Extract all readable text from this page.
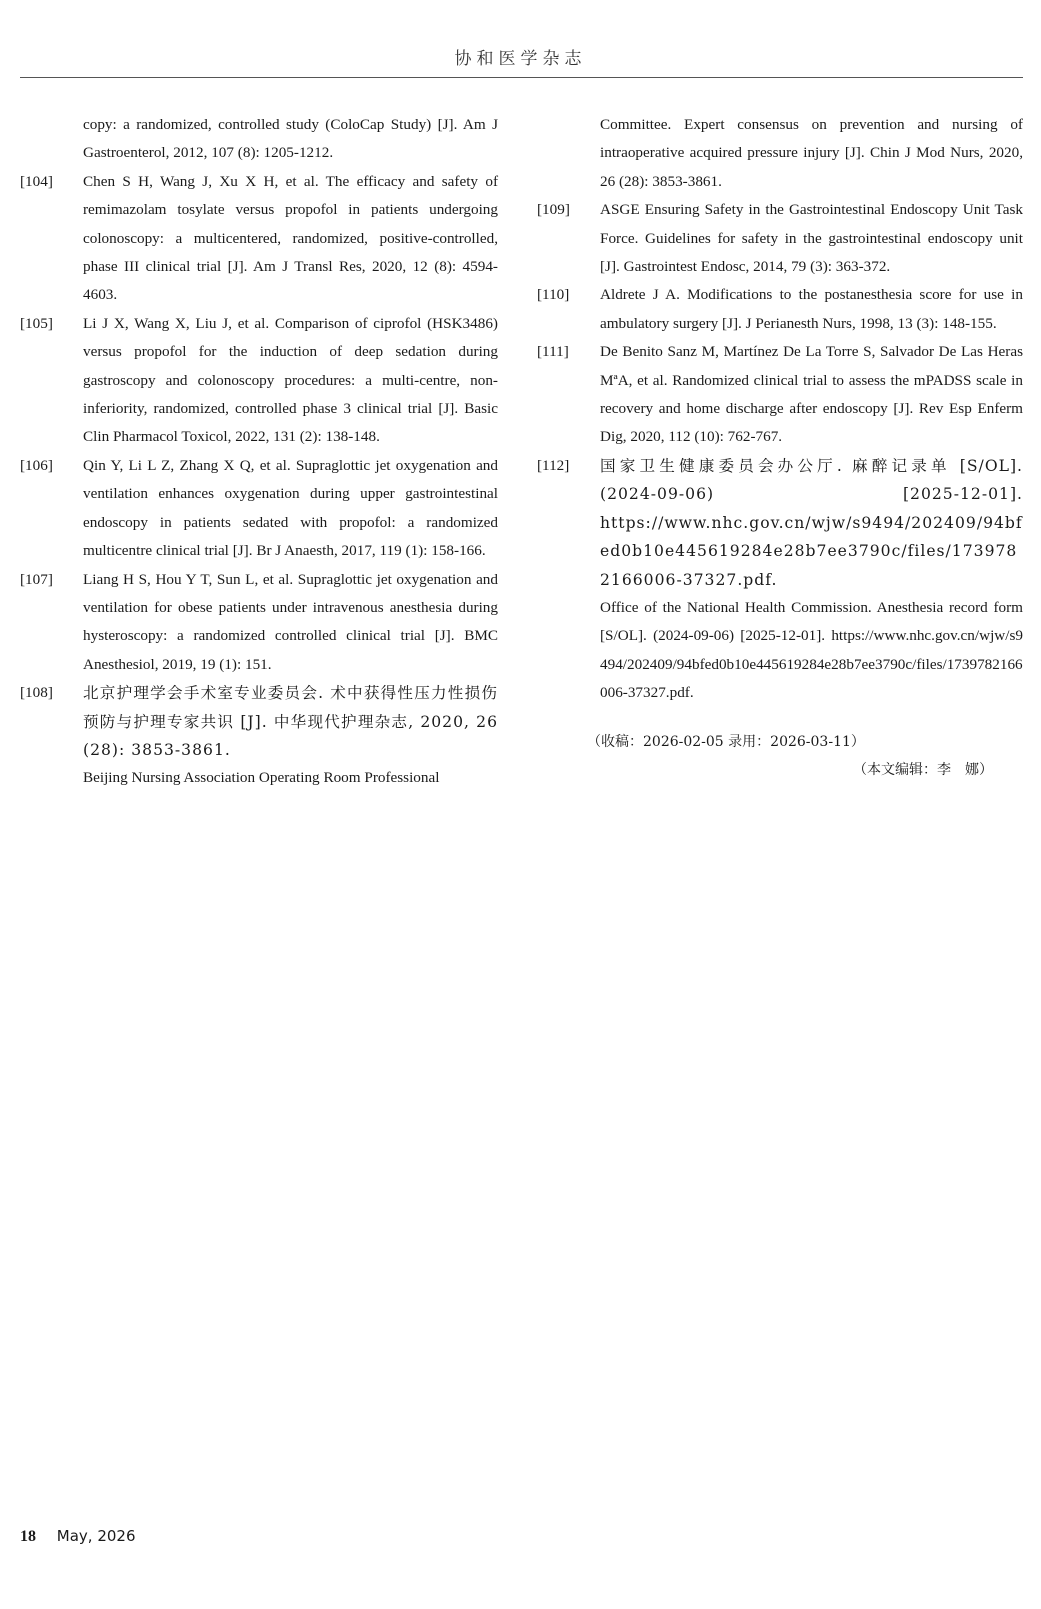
协和医学杂志
copy: a randomized, controlled study (ColoCap Study) [J]. Am J Gastroenterol, 2012, 107 (8): 1205-1212.
[104] Chen S H, Wang J, Xu X H, et al. The efficacy and safety of remimazolam tosylate versus propofol in patients undergoing colonoscopy: a multicentered, randomized, positive-controlled, phase III clinical trial [J]. Am J Transl Res, 2020, 12 (8): 4594-4603.
[105] Li J X, Wang X, Liu J, et al. Comparison of ciprofol (HSK3486) versus propofol for the induction of deep sedation during gastroscopy and colonoscopy procedures: a multi-centre, non-inferiority, randomized, controlled phase 3 clinical trial [J]. Basic Clin Pharmacol Toxicol, 2022, 131 (2): 138-148.
[106] Qin Y, Li L Z, Zhang X Q, et al. Supraglottic jet oxygenation and ventilation enhances oxygenation during upper gastrointestinal endoscopy in patients sedated with propofol: a randomized multicentre clinical trial [J]. Br J Anaesth, 2017, 119 (1): 158-166.
[107] Liang H S, Hou Y T, Sun L, et al. Supraglottic jet oxygenation and ventilation for obese patients under intravenous anesthesia during hysteroscopy: a randomized controlled clinical trial [J]. BMC Anesthesiol, 2019, 19 (1): 151.
[108] 北京护理学会手术室专业委员会. 术中获得性压力性损伤预防与护理专家共识 [J]. 中华现代护理杂志, 2020, 26 (28): 3853-3861.
Beijing Nursing Association Operating Room Professional
Committee. Expert consensus on prevention and nursing of intraoperative acquired pressure injury [J]. Chin J Mod Nurs, 2020, 26 (28): 3853-3861.
[109] ASGE Ensuring Safety in the Gastrointestinal Endoscopy Unit Task Force. Guidelines for safety in the gastrointestinal endoscopy unit [J]. Gastrointest Endosc, 2014, 79 (3): 363-372.
[110] Aldrete J A. Modifications to the postanesthesia score for use in ambulatory surgery [J]. J Perianesth Nurs, 1998, 13 (3): 148-155.
[111] De Benito Sanz M, Martínez De La Torre S, Salvador De Las Heras MªA, et al. Randomized clinical trial to assess the mPADSS scale in recovery and home discharge after endoscopy [J]. Rev Esp Enferm Dig, 2020, 112 (10): 762-767.
[112] 国家卫生健康委员会办公厅. 麻醉记录单 [S/OL]. (2024-09-06) [2025-12-01]. https://www.nhc.gov.cn/wjw/s9494/202409/94bfed0b10e445619284e28b7ee3790c/files/1739782166006-37327.pdf.
Office of the National Health Commission. Anesthesia record form [S/OL]. (2024-09-06) [2025-12-01]. https://www.nhc.gov.cn/wjw/s9494/202409/94bfed0b10e445619284e28b7ee3790c/files/1739782166006-37327.pdf.
（收稿：2026-02-05 录用：2026-03-11）
（本文编辑：李　娜）
18 May, 2026
